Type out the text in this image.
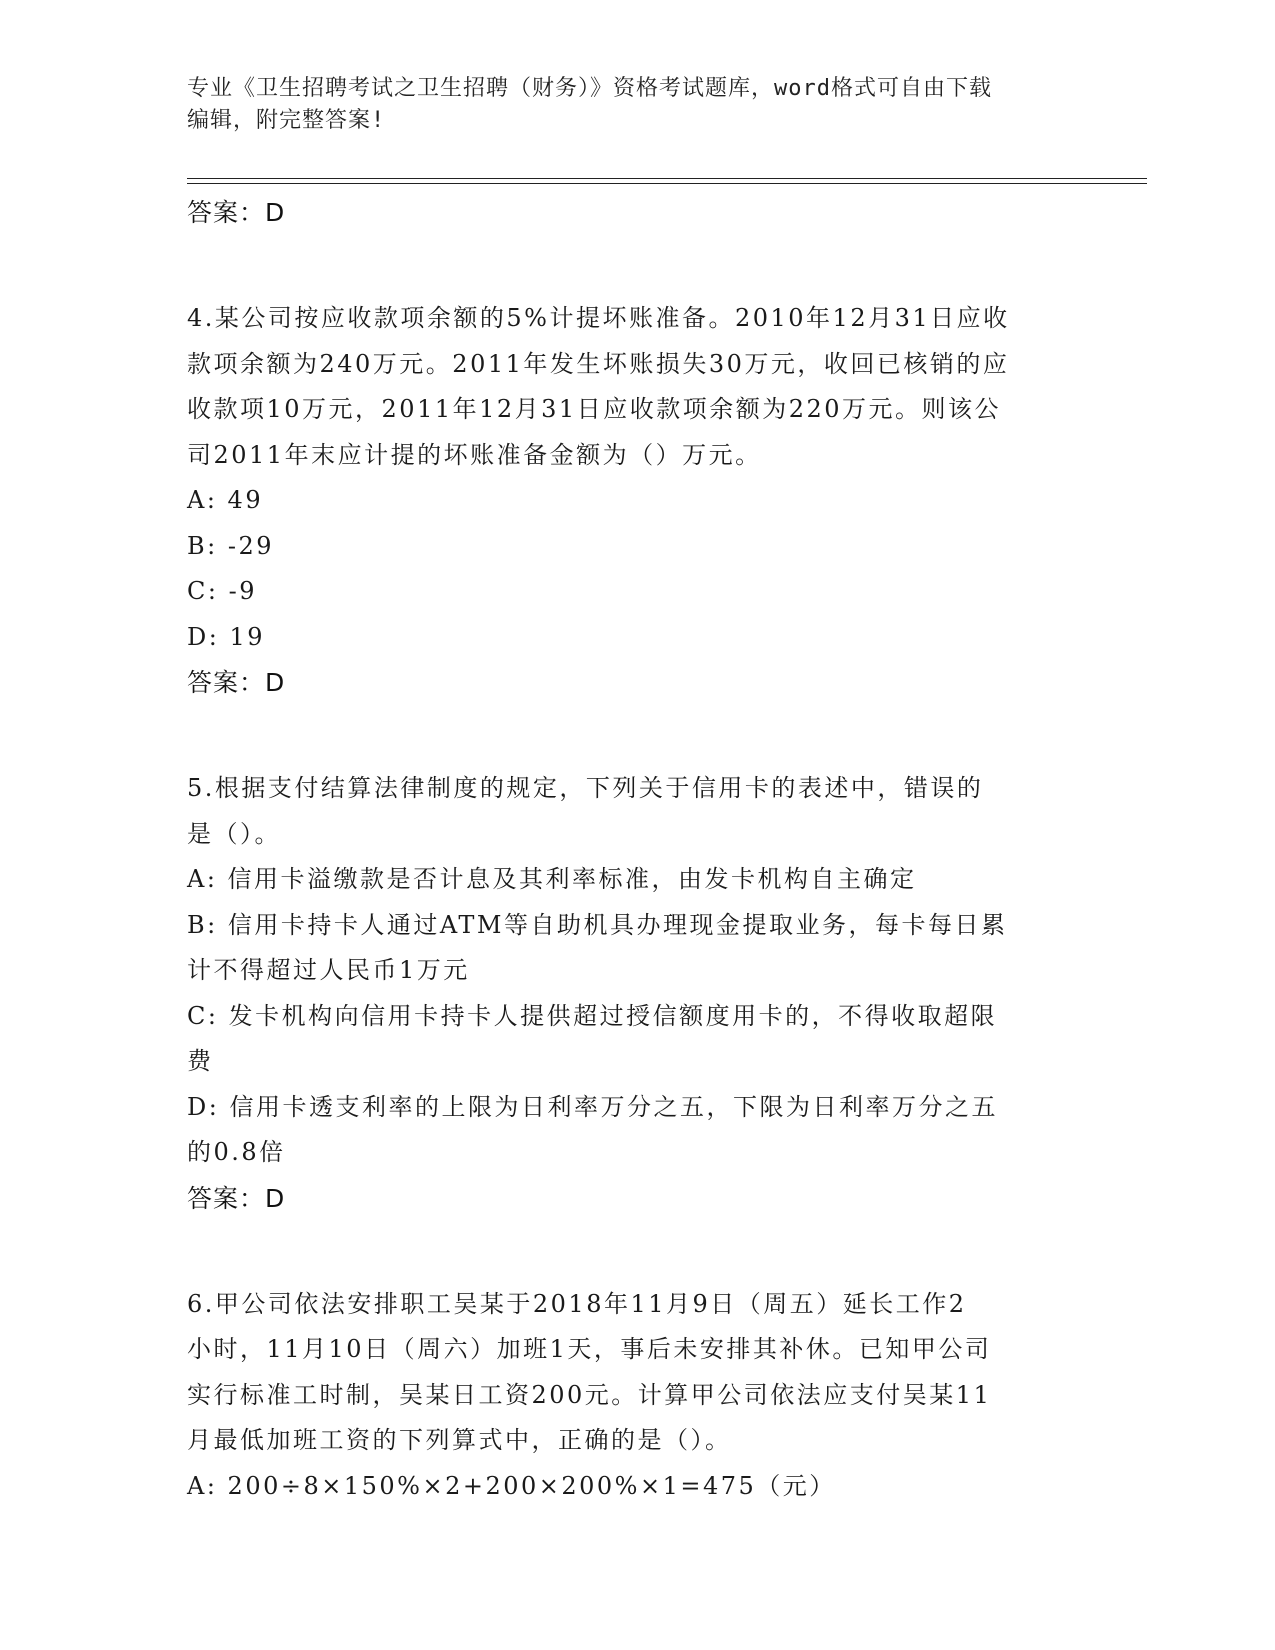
专业《卫生招聘考试之卫生招聘（财务）》资格考试题库，word格式可自由下载
编辑，附完整答案!
答案：D
4.某公司按应收款项余额的5%计提坏账准备。2010年12月31日应收
款项余额为240万元。2011年发生坏账损失30万元，收回已核销的应
收款项10万元，2011年12月31日应收款项余额为220万元。则该公
司2011年末应计提的坏账准备金额为（）万元。
A: 49
B: -29
C: -9
D: 19
答案：D
5.根据支付结算法律制度的规定，下列关于信用卡的表述中，错误的
是（）。
A: 信用卡溢缴款是否计息及其利率标准，由发卡机构自主确定
B: 信用卡持卡人通过ATM等自助机具办理现金提取业务，每卡每日累
计不得超过人民币1万元
C: 发卡机构向信用卡持卡人提供超过授信额度用卡的，不得收取超限
费
D: 信用卡透支利率的上限为日利率万分之五，下限为日利率万分之五
的0.8倍
答案：D
6.甲公司依法安排职工吴某于2018年11月9日（周五）延长工作2
小时，11月10日（周六）加班1天，事后未安排其补休。已知甲公司
实行标准工时制，吴某日工资200元。计算甲公司依法应支付吴某11
月最低加班工资的下列算式中，正确的是（）。
A: 200÷8×150%×2+200×200%×1=475（元）
